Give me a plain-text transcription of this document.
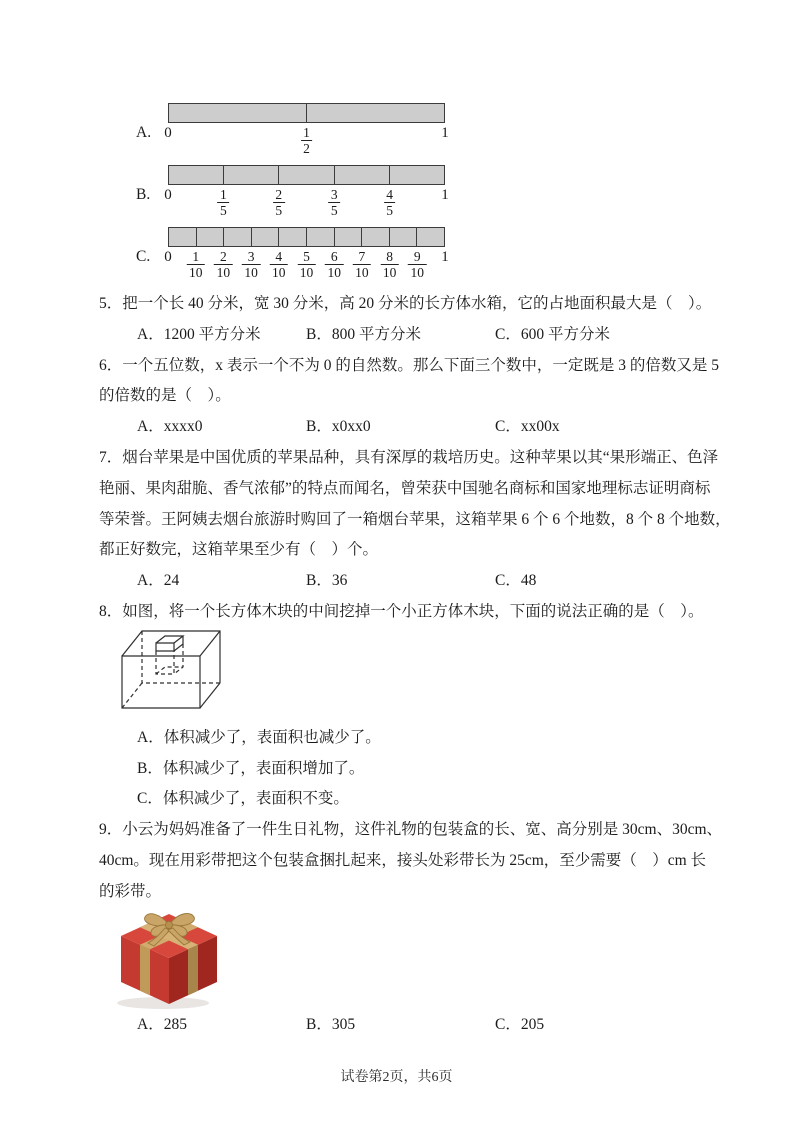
A. 0	$\frac{1}{2}$	1
B. 0	$\frac{1}{5}$	$\frac{2}{5}$	$\frac{3}{5}$	$\frac{4}{5}$	1
C. $0 \frac{1}{10} \frac{2}{10} \frac{3}{10} \frac{4}{10} \frac{5}{10} \frac{6}{10} \frac{7}{10} \frac{8}{10} \frac{9}{10} 1$
5．把一个长 40 分米，宽 30 分米，高 20 分米的长方体水箱，它的占地面积最大是（　）。
A．1200 平方分米	B．800 平方分米	C．600 平方分米
6．一个五位数，x 表示一个不为 0 的自然数。那么下面三个数中，一定既是 3 的倍数又是 5
的倍数的是（　）。
A．xxxx0	B．x0xx0	C．xx00x
7．烟台苹果是中国优质的苹果品种，具有深厚的栽培历史。这种苹果以其“果形端正、色泽
艳丽、果肉甜脆、香气浓郁”的特点而闻名，曾荣获中国驰名商标和国家地理标志证明商标
等荣誉。王阿姨去烟台旅游时购回了一箱烟台苹果，这箱苹果 6 个 6 个地数，8 个 8 个地数，
都正好数完，这箱苹果至少有（　）个。
A．24	B．36	C．48
8．如图，将一个长方体木块的中间挖掉一个小正方体木块，下面的说法正确的是（　）。
A．体积减少了，表面积也减少了。
B．体积减少了，表面积增加了。
C．体积减少了，表面积不变。
9．小云为妈妈准备了一件生日礼物，这件礼物的包装盒的长、宽、高分别是 30cm、30cm、
40cm。现在用彩带把这个包装盒捆扎起来，接头处彩带长为 25cm，至少需要（　）cm 长
的彩带。
A．285	B．305	C．205
试卷第2页，共6页
